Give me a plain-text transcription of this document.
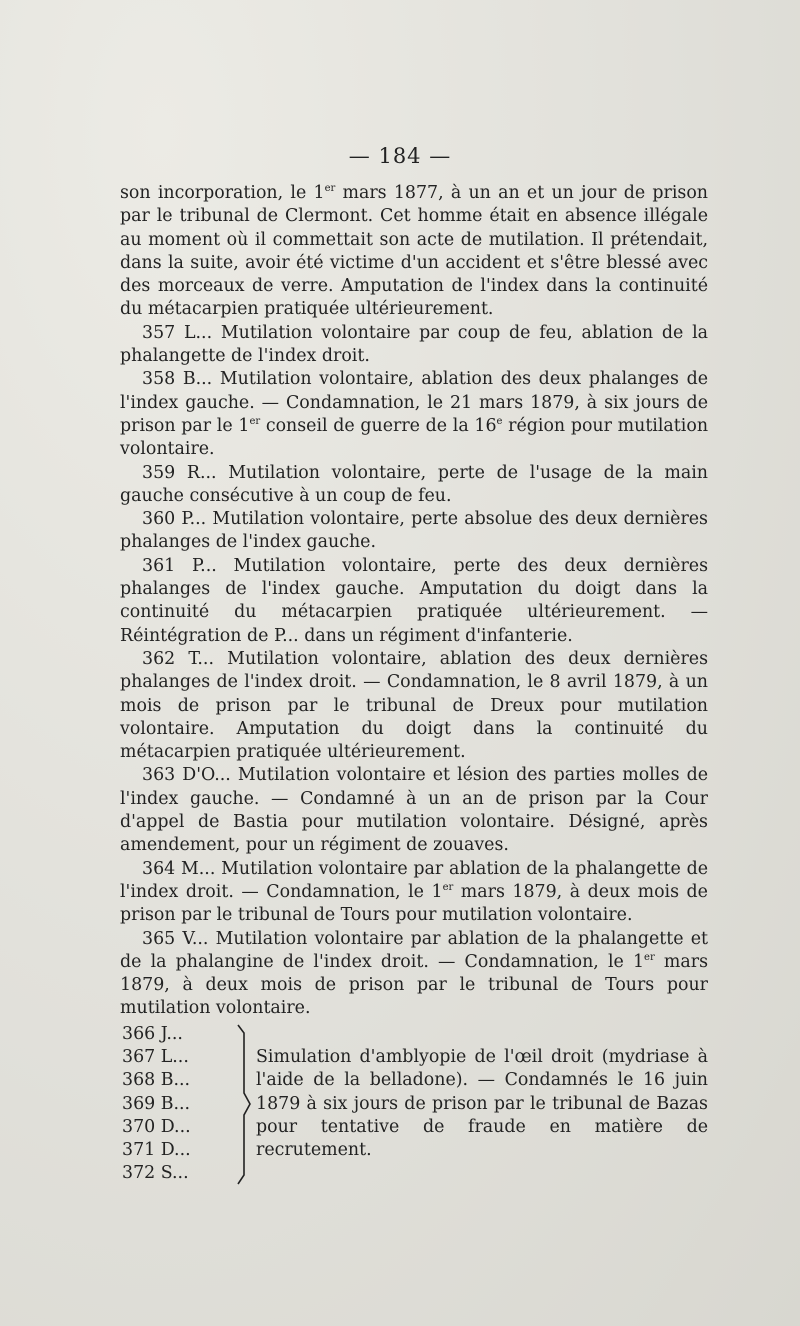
— 184 —

son incorporation, le 1er mars 1877, à un an et un jour de prison par le tribunal de Clermont. Cet homme était en absence illégale au moment où il commettait son acte de mutilation. Il prétendait, dans la suite, avoir été victime d'un accident et s'être blessé avec des morceaux de verre. Amputation de l'index dans la continuité du métacarpien pratiquée ultérieurement.

357 L... Mutilation volontaire par coup de feu, ablation de la phalangette de l'index droit.

358 B... Mutilation volontaire, ablation des deux phalanges de l'index gauche. — Condamnation, le 21 mars 1879, à six jours de prison par le 1er conseil de guerre de la 16e région pour mutilation volontaire.

359 R... Mutilation volontaire, perte de l'usage de la main gauche consécutive à un coup de feu.

360 P... Mutilation volontaire, perte absolue des deux dernières phalanges de l'index gauche.

361 P... Mutilation volontaire, perte des deux dernières phalanges de l'index gauche. Amputation du doigt dans la continuité du métacarpien pratiquée ultérieurement. — Réintégration de P... dans un régiment d'infanterie.

362 T... Mutilation volontaire, ablation des deux dernières phalanges de l'index droit. — Condamnation, le 8 avril 1879, à un mois de prison par le tribunal de Dreux pour mutilation volontaire. Amputation du doigt dans la continuité du métacarpien pratiquée ultérieurement.

363 D'O... Mutilation volontaire et lésion des parties molles de l'index gauche. — Condamné à un an de prison par la Cour d'appel de Bastia pour mutilation volontaire. Désigné, après amendement, pour un régiment de zouaves.

364 M... Mutilation volontaire par ablation de la phalangette de l'index droit. — Condamnation, le 1er mars 1879, à deux mois de prison par le tribunal de Tours pour mutilation volontaire.

365 V... Mutilation volontaire par ablation de la phalangette et de la phalangine de l'index droit. — Condamnation, le 1er mars 1879, à deux mois de prison par le tribunal de Tours pour mutilation volontaire.

366 J...
367 L...
368 B...
369 B...
370 D...
371 D...
372 S...
Simulation d'amblyopie de l'œil droit (mydriase à l'aide de la belladone). — Condamnés le 16 juin 1879 à six jours de prison par le tribunal de Bazas pour tentative de fraude en matière de recrutement.
